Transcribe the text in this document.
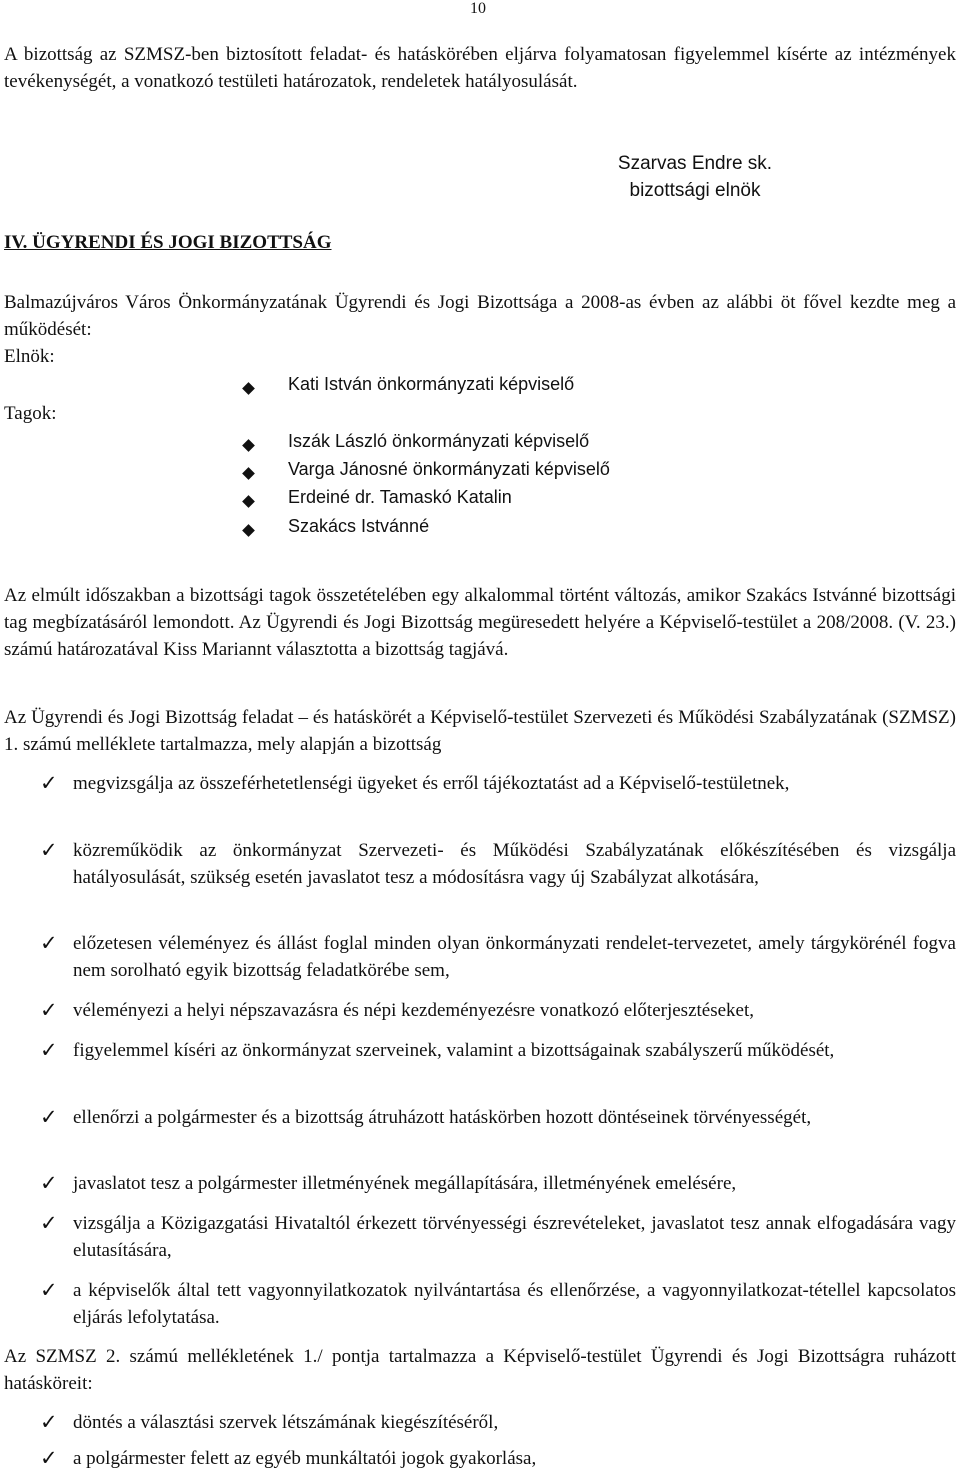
10
A bizottság az SZMSZ-ben biztosított feladat- és hatáskörében eljárva folyamatosan figyelemmel kísérte az intézmények tevékenységét, a vonatkozó testületi határozatok, rendeletek hatályosulását.
Szarvas Endre sk.
bizottsági elnök
IV. ÜGYRENDI ÉS JOGI BIZOTTSÁG
Balmazújváros Város Önkormányzatának Ügyrendi és Jogi Bizottsága a 2008-as évben az alábbi öt fővel kezdte meg a működését:
Elnök:
Kati István önkormányzati képviselő
Tagok:
Iszák László önkormányzati képviselő
Varga Jánosné önkormányzati képviselő
Erdeiné dr. Tamaskó Katalin
Szakács Istvánné
Az elmúlt időszakban a bizottsági tagok összetételében egy alkalommal történt változás, amikor Szakács Istvánné bizottsági tag megbízatásáról lemondott. Az Ügyrendi és Jogi Bizottság megüresedett helyére a Képviselő-testület a 208/2008. (V. 23.) számú határozatával Kiss Mariannt választotta a bizottság tagjává.
Az Ügyrendi és Jogi Bizottság feladat – és hatáskörét a Képviselő-testület Szervezeti és Működési Szabályzatának (SZMSZ) 1. számú melléklete tartalmazza, mely alapján a bizottság
✓ megvizsgálja az összeférhetetlenségi ügyeket és erről tájékoztatást ad a Képviselő-testületnek,
✓ közreműködik az önkormányzat Szervezeti- és Működési Szabályzatának előkészítésében és vizsgálja hatályosulását, szükség esetén javaslatot tesz a módosításra vagy új Szabályzat alkotására,
✓ előzetesen véleményez és állást foglal minden olyan önkormányzati rendelet-tervezetet, amely tárgykörénél fogva nem sorolható egyik bizottság feladatkörébe sem,
✓ véleményezi a helyi népszavazásra és népi kezdeményezésre vonatkozó előterjesztéseket,
✓ figyelemmel kíséri az önkormányzat szerveinek, valamint a bizottságainak szabályszerű működését,
✓ ellenőrzi a polgármester és a bizottság átruházott hatáskörben hozott döntéseinek törvényességét,
✓ javaslatot tesz a polgármester illetményének megállapítására, illetményének emelésére,
✓ vizsgálja a Közigazgatási Hivataltól érkezett törvényességi észrevételeket, javaslatot tesz annak elfogadására vagy elutasítására,
✓ a képviselők által tett vagyonnyilatkozatok nyilvántartása és ellenőrzése, a vagyonnyilatkozat-tétellel kapcsolatos eljárás lefolytatása.
Az SZMSZ 2. számú mellékletének 1./ pontja tartalmazza a Képviselő-testület Ügyrendi és Jogi Bizottságra ruházott hatásköreit:
✓ döntés a választási szervek létszámának kiegészítéséről,
✓ a polgármester felett az egyéb munkáltatói jogok gyakorlása,
